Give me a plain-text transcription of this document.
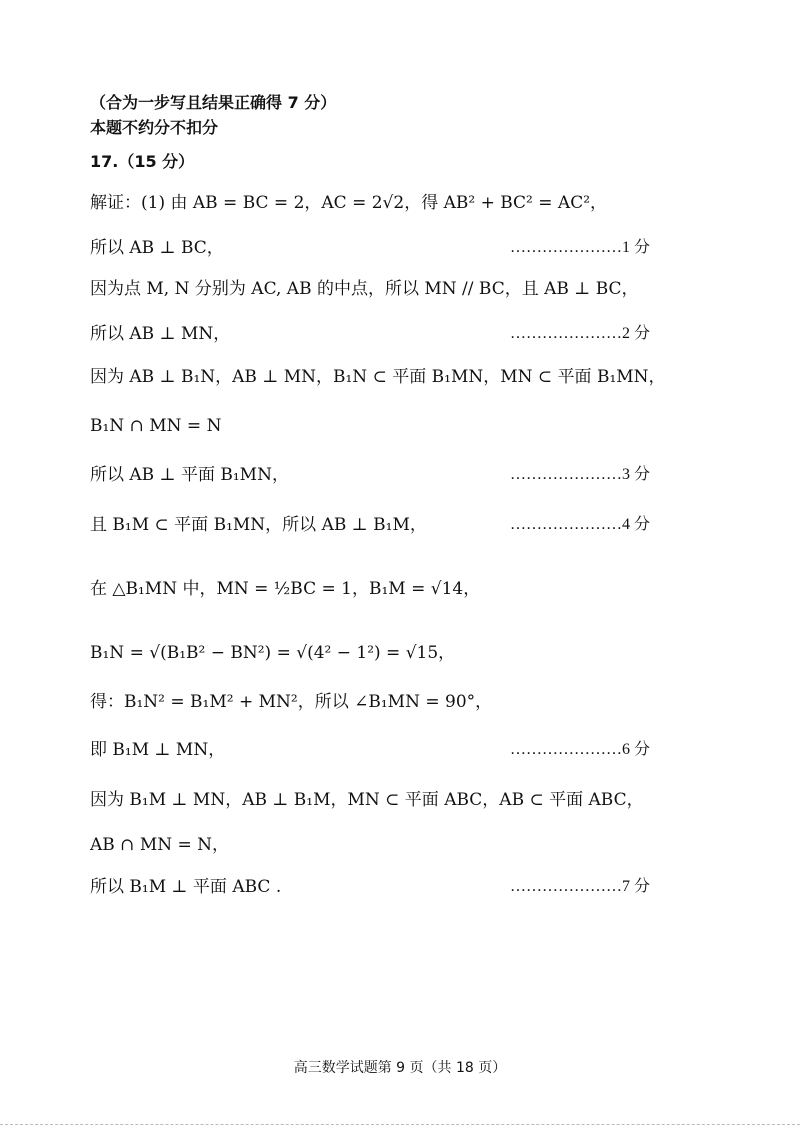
（合为一步写且结果正确得 7 分）
本题不约分不扣分
17.（15 分）
解证：(1) 由 AB = BC = 2，AC = 2√2，得 AB² + BC² = AC²，
所以 AB ⊥ BC，	…………………1 分
因为点 M, N 分别为 AC, AB 的中点，所以 MN // BC，且 AB ⊥ BC，
所以 AB ⊥ MN，	…………………2 分
因为 AB ⊥ B₁N，AB ⊥ MN，B₁N ⊂ 平面 B₁MN，MN ⊂ 平面 B₁MN，
B₁N ∩ MN = N
所以 AB ⊥ 平面 B₁MN，	…………………3 分
且 B₁M ⊂ 平面 B₁MN，所以 AB ⊥ B₁M，	…………………4 分
在 △B₁MN 中，MN = ½BC = 1，B₁M = √14，
B₁N = √(B₁B² − BN²) = √(4² − 1²) = √15，
得：B₁N² = B₁M² + MN²，所以 ∠B₁MN = 90°，
即 B₁M ⊥ MN，	…………………6 分
因为 B₁M ⊥ MN，AB ⊥ B₁M，MN ⊂ 平面 ABC，AB ⊂ 平面 ABC，
AB ∩ MN = N，
所以 B₁M ⊥ 平面 ABC .	…………………7 分
高三数学试题第 9 页（共 18 页）
